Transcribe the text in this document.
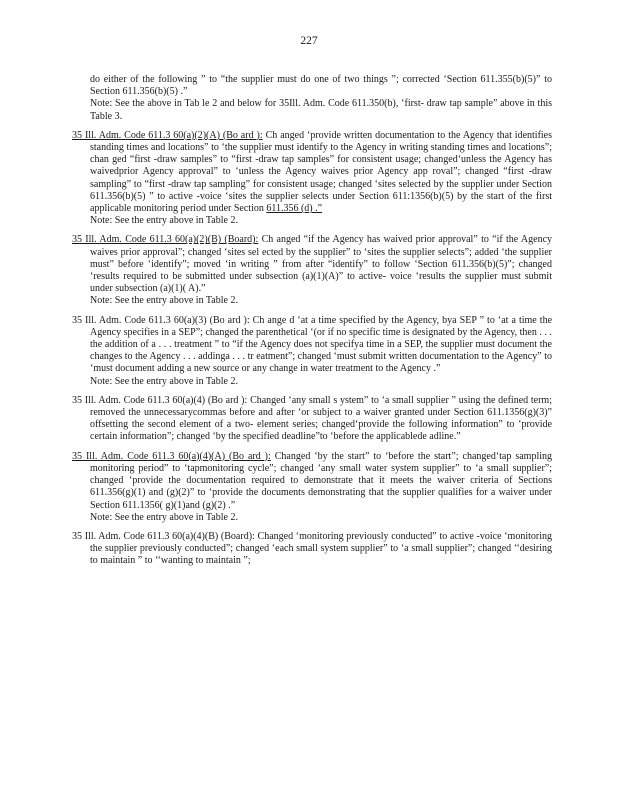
227

do either of the following ” to “the supplier must do one of two things ”; corrected ‘Section 611.355(b)(5)” to Section 611.356(b)(5) .”

Note: See the above in Tab le 2 and below for 35Ill. Adm. Code 611.350(b), ‘first- draw tap sample” above in this Table 3.

35 Ill. Adm. Code 611.3 60(a)(2)(A) (Bo ard ): Ch anged ‘provide written documentation to the Agency that identifies standing times and locations” to ‘the supplier must identify to the Agency in writing standing times and locations”; chan ged “first -draw samples” to “first -draw tap samples” for consistent usage; changed‘unless the Agency has waivedprior Agency approval” to ‘unless the Agency waives prior Agency app roval”; changed “first -draw sampling” to “first -draw tap sampling” for consistent usage; changed ‘sites selected by the supplier under Section 611.356(b)(5) ” to active -voice ‘sites the supplier selects under Section 611:1356(b)(5) by the start of the first applicable monitoring period under Section 611.356 (d) .”

Note: See the entry above in Table 2.

35 Ill. Adm. Code 611.3 60(a)(2)(B) (Board): Ch anged “if the Agency has waived prior approval” to “if the Agency waives prior approval”; changed ‘sites sel ected by the supplier” to ‘sites the supplier selects”; added ‘the supplier must” before ‘identify”; moved ‘in writing ” from after “identify” to follow ‘Section 611.356(b)(5)”; changed ‘results required to be submitted under subsection (a)(1)(A)” to active- voice ‘results the supplier must submit under subsection (a)(1)( A).”

Note: See the entry above in Table 2.

35 Ill. Adm. Code 611.3 60(a)(3) (Bo ard ): Ch ange d ‘at a time specified by the Agency, bya SEP ” to ‘at a time the Agency specifies in a SEP”; changed the parenthetical ‘(or if no specific time is designated by the Agency, then . . . the addition of a . . . treatment ” to “if the Agency does not specifya time in a SEP, the supplier must document the changes to the Agency . . . addinga . . . tr eatment”; changed ‘must submit written documentation to the Agency” to ‘must document adding a new source or any change in water treatment to the Agency .”

Note: See the entry above in Table 2.

35 Ill. Adm. Code 611.3 60(a)(4) (Bo ard ): Changed ‘any small s ystem” to ‘a small supplier ” using the defined term; removed the unnecessarycommas before and after ‘or subject to a waiver granted under Section 611.1356(g)(3)” offsetting the second element of a two- element series; changed‘provide the following information” to ‘provide certain information”; changed ‘by the specified deadline”to ‘before the applicablede adline.”

35 Ill. Adm. Code 611.3 60(a)(4)(A) (Bo ard ): Changed ‘by the start” to ‘before the start”; changed‘tap sampling monitoring period” to ‘tapmonitoring cycle”; changed ‘any small water system supplier” to ‘a small supplier”; changed ‘provide the documentation required to demonstrate that it meets the waiver criteria of Sections 611.356(g)(1) and (g)(2)” to ‘provide the documents demonstrating that the supplier qualifies for a waiver under Section 611.1356( g)(1)and (g)(2) .”

Note: See the entry above in Table 2.

35 Ill. Adm. Code 611.3 60(a)(4)(B) (Board): Changed ‘monitoring previously conducted” to active -voice ‘monitoring the supplier previously conducted”; changed ‘each small system supplier” to ‘a small supplier”; changed ‘‘desiring to maintain ” to ‘‘wanting to maintain ”;
